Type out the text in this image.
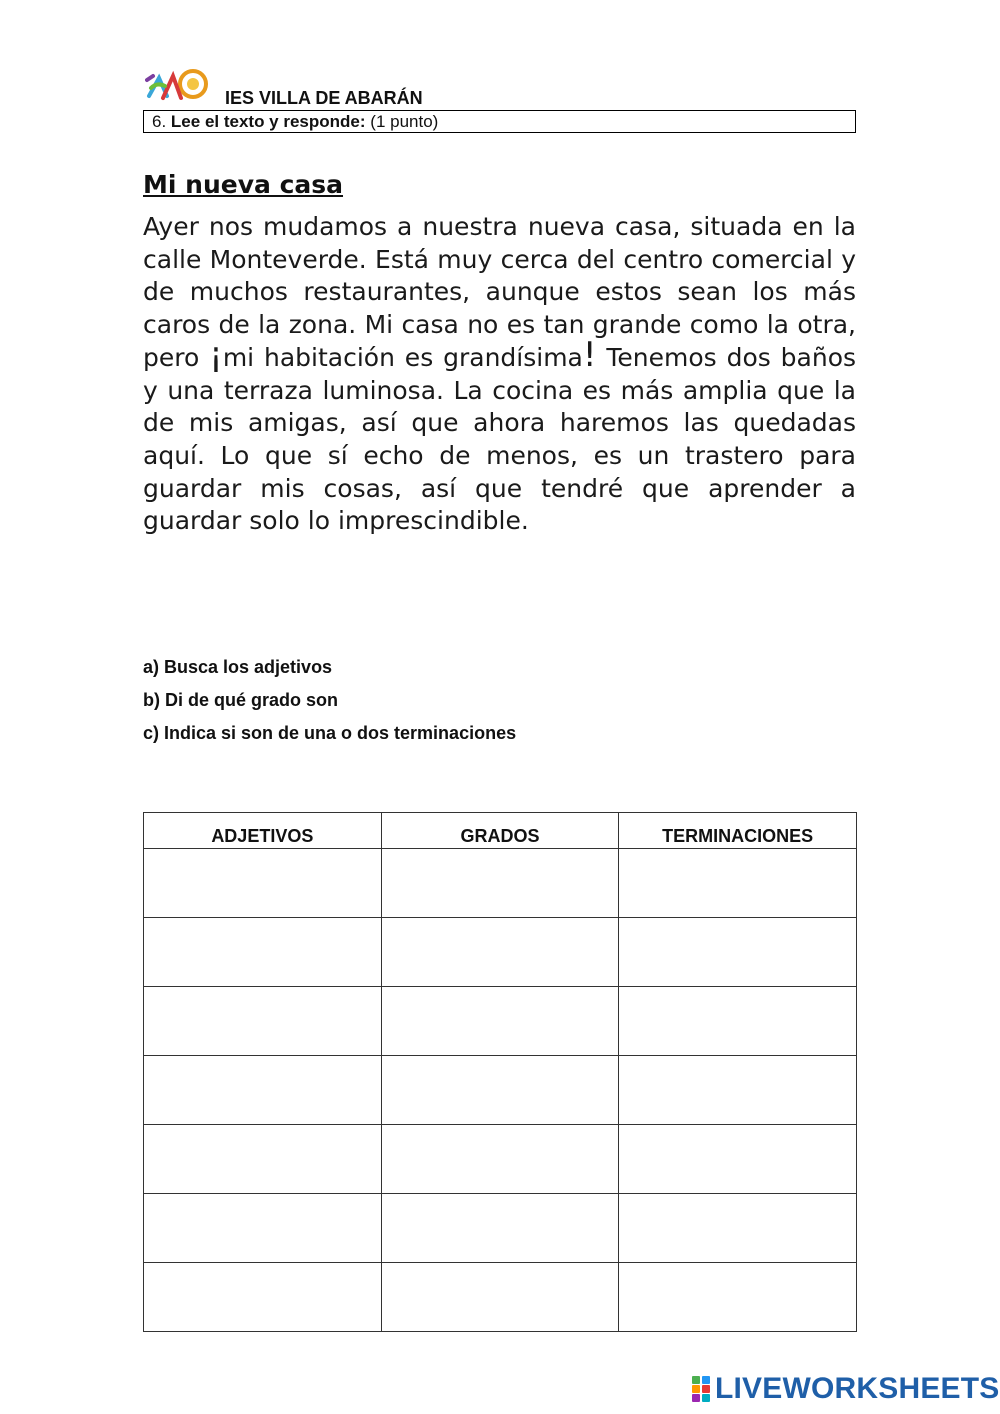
IES VILLA DE ABARÁN
6. Lee el texto y responde: (1 punto)
Mi nueva casa
Ayer nos mudamos a nuestra nueva casa, situada en la calle Monteverde. Está muy cerca del centro comercial y de muchos restaurantes, aunque estos sean los más caros de la zona. Mi casa no es tan grande como la otra, pero ¡mi habitación es grandísima! Tenemos dos baños y una terraza luminosa. La cocina es más amplia que la de mis amigas, así que ahora haremos las quedadas aquí. Lo que sí echo de menos, es un trastero para guardar mis cosas, así que tendré que aprender a guardar solo lo imprescindible.
a) Busca los adjetivos
b) Di de qué grado son
c) Indica si son de una o dos terminaciones
ADJETIVOS	GRADOS	TERMINACIONES

LIVEWORKSHEETS
